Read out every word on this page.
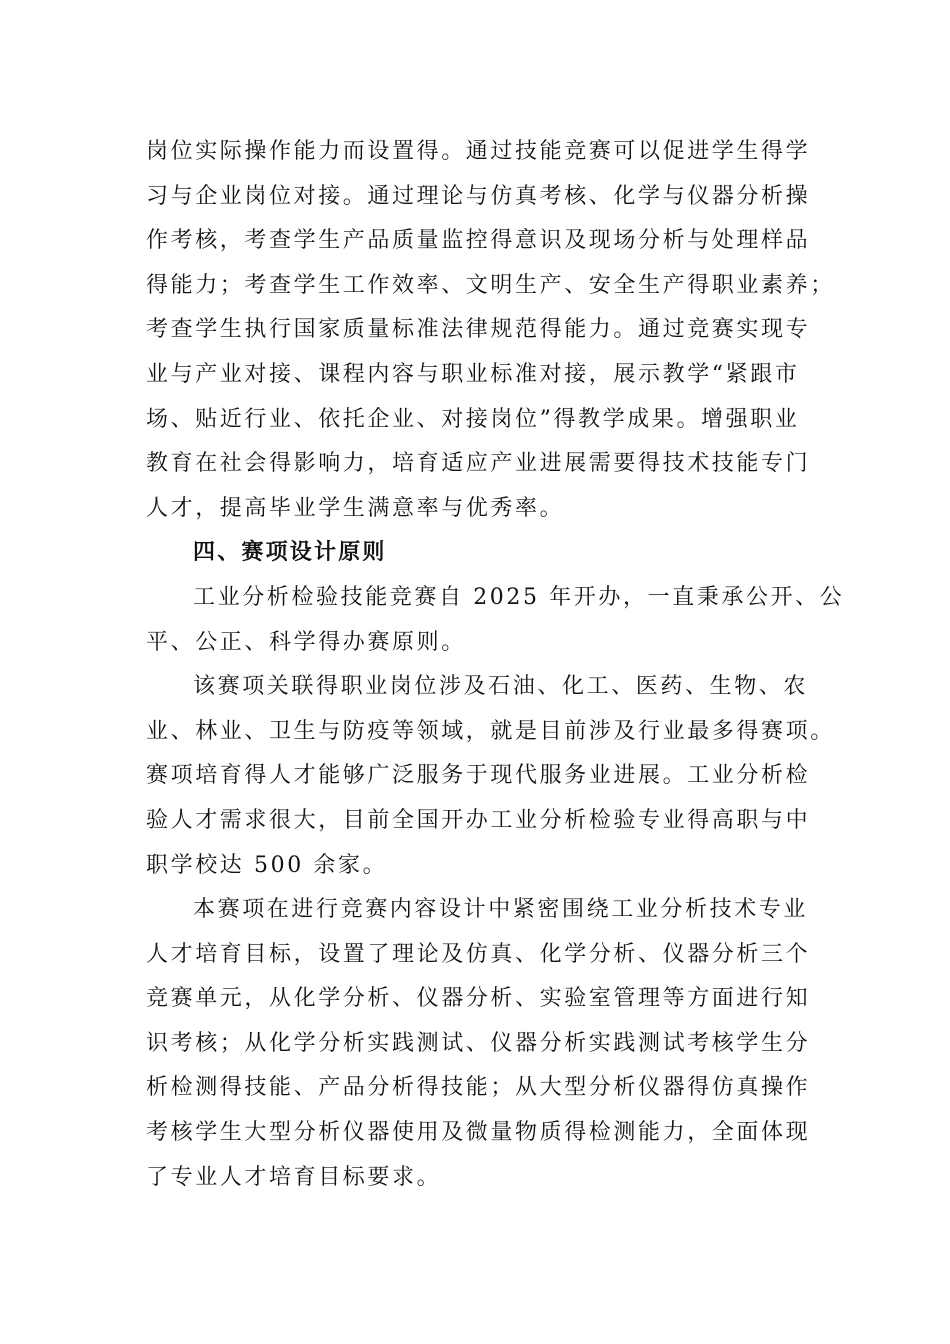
岗位实际操作能力而设置得。通过技能竞赛可以促进学生得学
习与企业岗位对接。通过理论与仿真考核、化学与仪器分析操
作考核，考查学生产品质量监控得意识及现场分析与处理样品
得能力；考查学生工作效率、文明生产、安全生产得职业素养；
考查学生执行国家质量标准法律规范得能力。通过竞赛实现专
业与产业对接、课程内容与职业标准对接，展示教学“紧跟市
场、贴近行业、依托企业、对接岗位”得教学成果。增强职业
教育在社会得影响力，培育适应产业进展需要得技术技能专门
人才，提高毕业学生满意率与优秀率。
四、赛项设计原则
工业分析检验技能竞赛自 2025 年开办，一直秉承公开、公
平、公正、科学得办赛原则。
该赛项关联得职业岗位涉及石油、化工、医药、生物、农
业、林业、卫生与防疫等领域，就是目前涉及行业最多得赛项。
赛项培育得人才能够广泛服务于现代服务业进展。工业分析检
验人才需求很大，目前全国开办工业分析检验专业得高职与中
职学校达 500 余家。
本赛项在进行竞赛内容设计中紧密围绕工业分析技术专业
人才培育目标，设置了理论及仿真、化学分析、仪器分析三个
竞赛单元，从化学分析、仪器分析、实验室管理等方面进行知
识考核；从化学分析实践测试、仪器分析实践测试考核学生分
析检测得技能、产品分析得技能；从大型分析仪器得仿真操作
考核学生大型分析仪器使用及微量物质得检测能力，全面体现
了专业人才培育目标要求。
